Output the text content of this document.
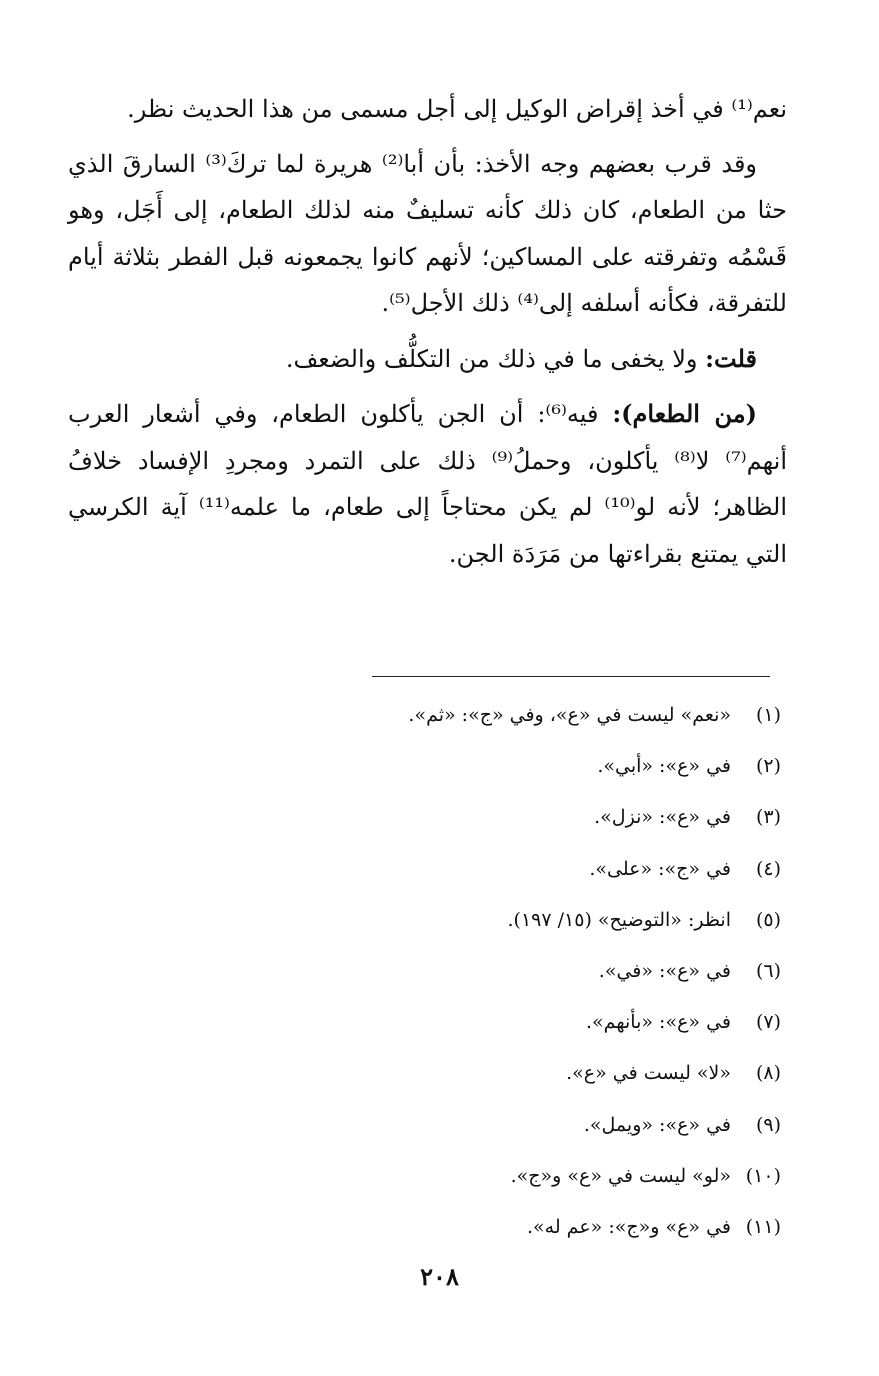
نعم⁽¹⁾ في أخذ إقراض الوكيل إلى أجل مسمى من هذا الحديث نظر.

وقد قرب بعضهم وجه الأخذ: بأن أبا⁽²⁾ هريرة لما تركَ⁽³⁾ السارقَ الذي حثا من الطعام، كان ذلك كأنه تسليفٌ منه لذلك الطعام، إلى أَجَل، وهو قَسْمُه وتفرقته على المساكين؛ لأنهم كانوا يجمعونه قبل الفطر بثلاثة أيام للتفرقة، فكأنه أسلفه إلى⁽⁴⁾ ذلك الأجل⁽⁵⁾.

قلت: ولا يخفى ما في ذلك من التكلُّف والضعف.

(من الطعام): فيه⁽⁶⁾: أن الجن يأكلون الطعام، وفي أشعار العرب أنهم⁽⁷⁾ لا⁽⁸⁾ يأكلون، وحملُ⁽⁹⁾ ذلك على التمرد ومجردِ الإفساد خلافُ الظاهر؛ لأنه لو⁽¹⁰⁾ لم يكن محتاجاً إلى طعام، ما علمه⁽¹¹⁾ آية الكرسي التي يمتنع بقراءتها من مَرَدَة الجن.

(١)«نعم» ليست في «ع»، وفي «ج»: «ثم».
(٢)في «ع»: «أبي».
(٣)في «ع»: «نزل».
(٤)في «ج»: «على».
(٥)انظر: «التوضيح» (١٥/ ١٩٧).
(٦)في «ع»: «في».
(٧)في «ع»: «بأنهم».
(٨)«لا» ليست في «ع».
(٩)في «ع»: «ويمل».
(١٠)«لو» ليست في «ع» و«ج».
(١١)في «ع» و«ج»: «عم له».
٢٠٨
